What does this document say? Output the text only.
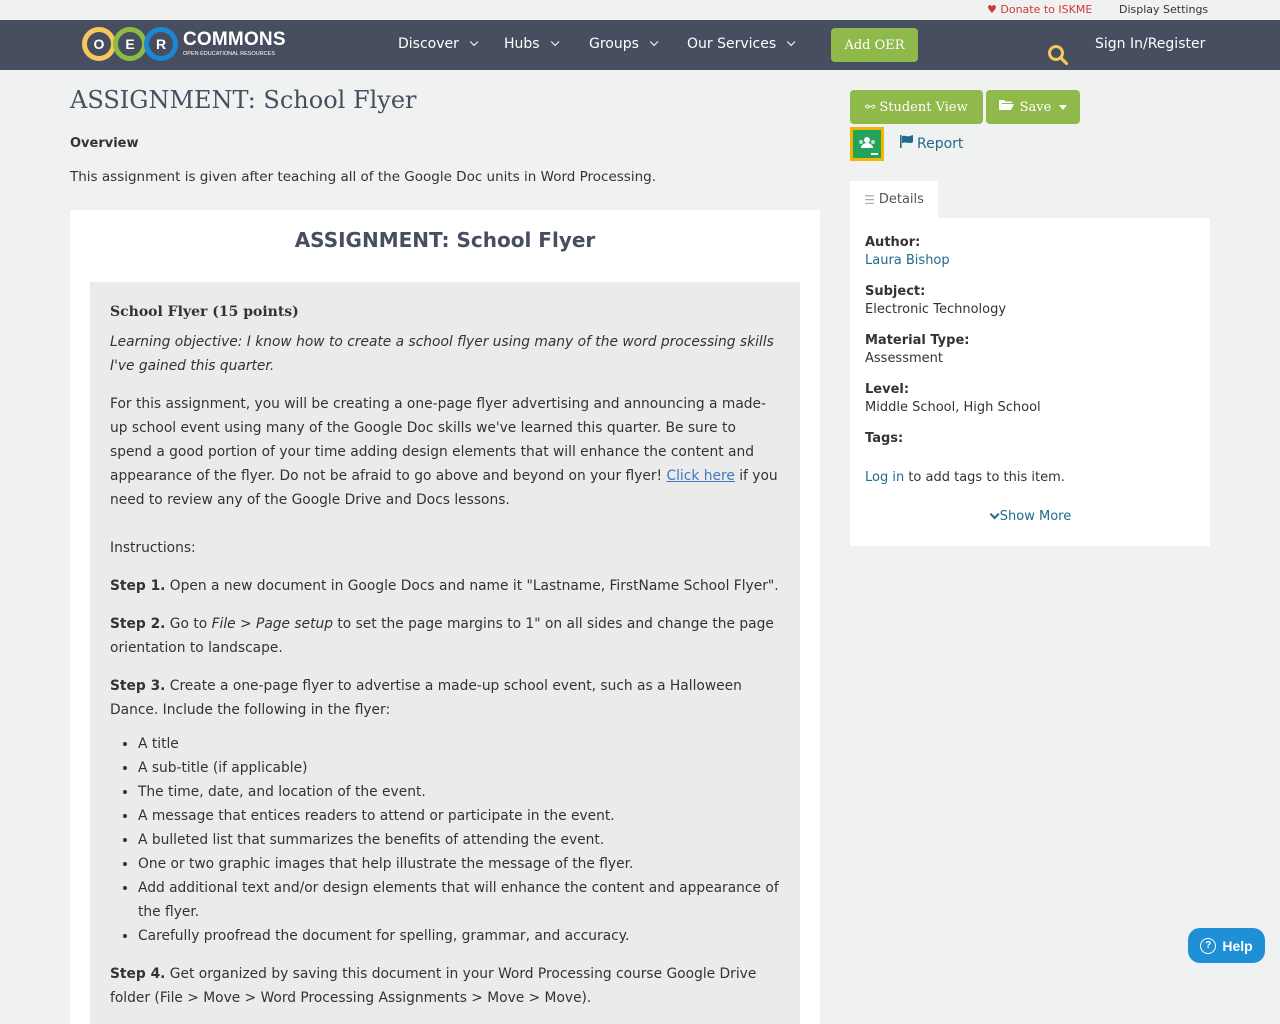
♥ Donate to ISKME Display Settings
O	E	R COMMONS
OPEN EDUCATIONAL RESOURCES
Discover	Hubs	Groups	Our Services	Add OER	Sign In/Register
ASSIGNMENT: School Flyer
Overview
This assignment is given after teaching all of the Google Doc units in Word Processing.
ASSIGNMENT: School Flyer
School Flyer (15 points)

Learning objective: I know how to create a school flyer using many of the word processing skills I've gained this quarter.

For this assignment, you will be creating a one-page flyer advertising and announcing a made-up school event using many of the Google Doc skills we've learned this quarter. Be sure to spend a good portion of your time adding design elements that will enhance the content and appearance of the flyer. Do not be afraid to go above and beyond on your flyer! Click here if you need to review any of the Google Drive and Docs lessons.

Instructions:

Step 1. Open a new document in Google Docs and name it "Lastname, FirstName School Flyer".

Step 2. Go to File > Page setup to set the page margins to 1" on all sides and change the page orientation to landscape.

Step 3. Create a one-page flyer to advertise a made-up school event, such as a Halloween Dance. Include the following in the flyer:

• A title
• A sub-title (if applicable)
• The time, date, and location of the event.
• A message that entices readers to attend or participate in the event.
• A bulleted list that summarizes the benefits of attending the event.
• One or two graphic images that help illustrate the message of the flyer.
• Add additional text and/or design elements that will enhance the content and appearance of the flyer.
• Carefully proofread the document for spelling, grammar, and accuracy.

Step 4. Get organized by saving this document in your Word Processing course Google Drive folder (File > Move > Word Processing Assignments > Move > Move).

⚯ Student View	Save
Report
☰ Details
Author:
Laura Bishop
Subject:
Electronic Technology
Material Type:
Assessment
Level:
Middle School, High School
Tags:
Log in to add tags to this item.
Show More
? Help
